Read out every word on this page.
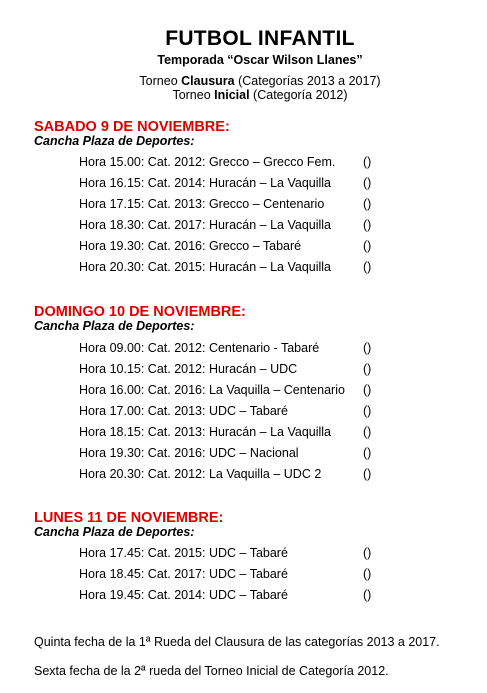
FUTBOL INFANTIL
Temporada “Oscar Wilson Llanes”
Torneo Clausura (Categorías 2013 a 2017)
Torneo Inicial (Categoría 2012)
SABADO 9 DE NOVIEMBRE:
Cancha Plaza de Deportes:
Hora 15.00: Cat. 2012: Grecco – Grecco Fem. ()
Hora 16.15: Cat. 2014: Huracán – La Vaquilla	()
Hora 17.15: Cat. 2013: Grecco – Centenario	()
Hora 18.30: Cat. 2017: Huracán – La Vaquilla	()
Hora 19.30: Cat. 2016: Grecco – Tabaré	()
Hora 20.30: Cat. 2015: Huracán – La Vaquilla	()
DOMINGO 10 DE NOVIEMBRE:
Cancha Plaza de Deportes:
Hora 09.00: Cat. 2012: Centenario - Tabaré	()
Hora 10.15: Cat. 2012: Huracán – UDC	()
Hora 16.00: Cat. 2016: La Vaquilla – Centenario ()
Hora 17.00: Cat. 2013: UDC – Tabaré	()
Hora 18.15: Cat. 2013: Huracán – La Vaquilla	()
Hora 19.30: Cat. 2016: UDC – Nacional	()
Hora 20.30: Cat. 2012: La Vaquilla – UDC 2	()
LUNES 11 DE NOVIEMBRE:
Cancha Plaza de Deportes:
Hora 17.45: Cat. 2015: UDC – Tabaré	()
Hora 18.45: Cat. 2017: UDC – Tabaré	()
Hora 19.45: Cat. 2014: UDC – Tabaré	()
Quinta fecha de la 1ª Rueda del Clausura de las categorías 2013 a 2017.
Sexta fecha de la 2ª rueda del Torneo Inicial de Categoría 2012.
